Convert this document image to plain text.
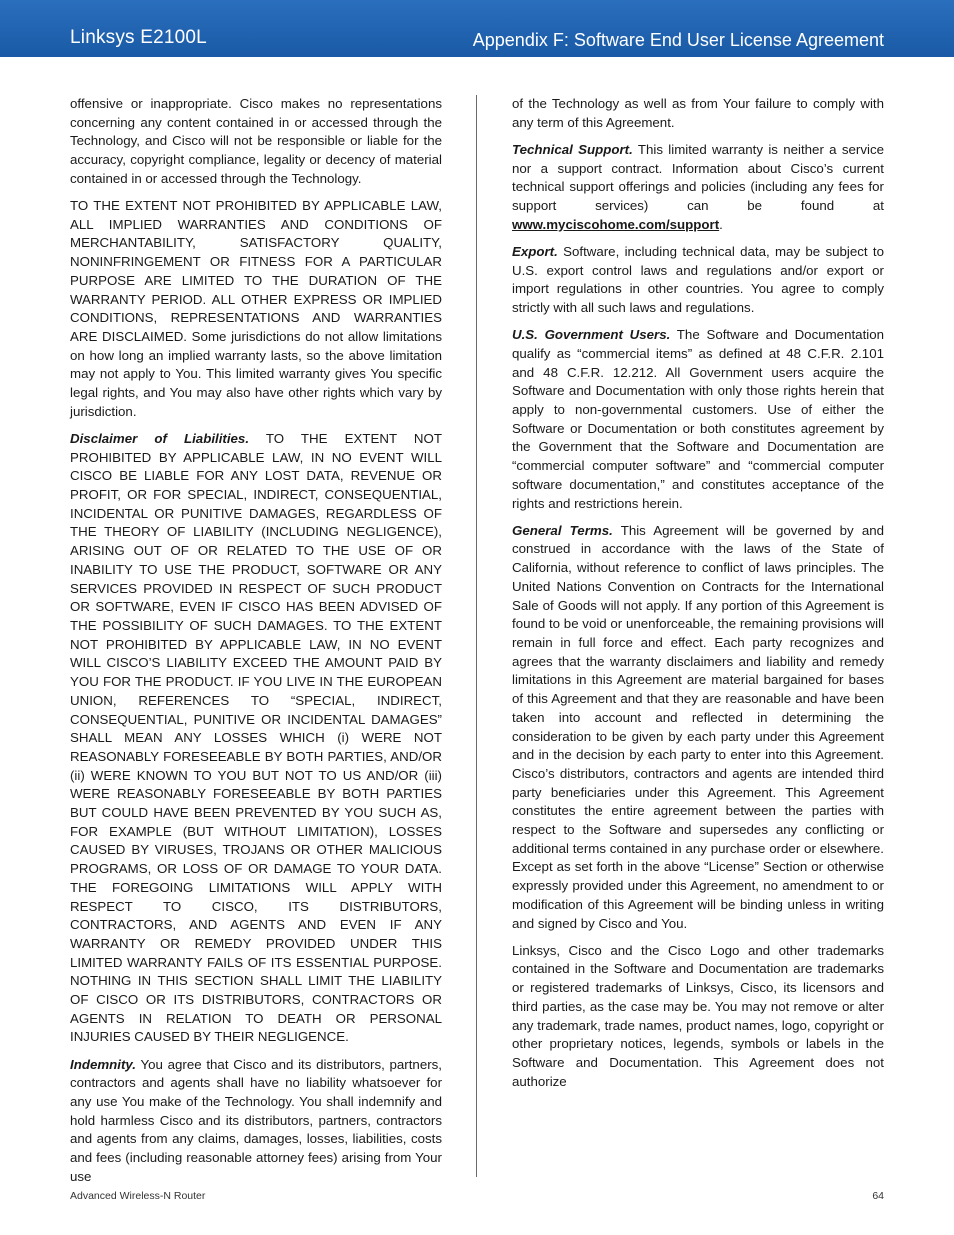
Linksys E2100L	Appendix F: Software End User License Agreement

offensive or inappropriate. Cisco makes no representations concerning any content contained in or accessed through the Technology, and Cisco will not be responsible or liable for the accuracy, copyright compliance, legality or decency of material contained in or accessed through the Technology.

TO THE EXTENT NOT PROHIBITED BY APPLICABLE LAW, ALL IMPLIED WARRANTIES AND CONDITIONS OF MERCHANTABILITY, SATISFACTORY QUALITY, NONINFRINGEMENT OR FITNESS FOR A PARTICULAR PURPOSE ARE LIMITED TO THE DURATION OF THE WARRANTY PERIOD. ALL OTHER EXPRESS OR IMPLIED CONDITIONS, REPRESENTATIONS AND WARRANTIES ARE DISCLAIMED. Some jurisdictions do not allow limitations on how long an implied warranty lasts, so the above limitation may not apply to You. This limited warranty gives You specific legal rights, and You may also have other rights which vary by jurisdiction.

Disclaimer of Liabilities. TO THE EXTENT NOT PROHIBITED BY APPLICABLE LAW, IN NO EVENT WILL CISCO BE LIABLE FOR ANY LOST DATA, REVENUE OR PROFIT, OR FOR SPECIAL, INDIRECT, CONSEQUENTIAL, INCIDENTAL OR PUNITIVE DAMAGES, REGARDLESS OF THE THEORY OF LIABILITY (INCLUDING NEGLIGENCE), ARISING OUT OF OR RELATED TO THE USE OF OR INABILITY TO USE THE PRODUCT, SOFTWARE OR ANY SERVICES PROVIDED IN RESPECT OF SUCH PRODUCT OR SOFTWARE, EVEN IF CISCO HAS BEEN ADVISED OF THE POSSIBILITY OF SUCH DAMAGES. TO THE EXTENT NOT PROHIBITED BY APPLICABLE LAW, IN NO EVENT WILL CISCO’S LIABILITY EXCEED THE AMOUNT PAID BY YOU FOR THE PRODUCT. IF YOU LIVE IN THE EUROPEAN UNION, REFERENCES TO “SPECIAL, INDIRECT, CONSEQUENTIAL, PUNITIVE OR INCIDENTAL DAMAGES” SHALL MEAN ANY LOSSES WHICH (i) WERE NOT REASONABLY FORESEEABLE BY BOTH PARTIES, AND/OR (ii) WERE KNOWN TO YOU BUT NOT TO US AND/OR (iii) WERE REASONABLY FORESEEABLE BY BOTH PARTIES BUT COULD HAVE BEEN PREVENTED BY YOU SUCH AS, FOR EXAMPLE (BUT WITHOUT LIMITATION), LOSSES CAUSED BY VIRUSES, TROJANS OR OTHER MALICIOUS PROGRAMS, OR LOSS OF OR DAMAGE TO YOUR DATA. THE FOREGOING LIMITATIONS WILL APPLY WITH RESPECT TO CISCO, ITS DISTRIBUTORS, CONTRACTORS, AND AGENTS AND EVEN IF ANY WARRANTY OR REMEDY PROVIDED UNDER THIS LIMITED WARRANTY FAILS OF ITS ESSENTIAL PURPOSE. NOTHING IN THIS SECTION SHALL LIMIT THE LIABILITY OF CISCO OR ITS DISTRIBUTORS, CONTRACTORS OR AGENTS IN RELATION TO DEATH OR PERSONAL INJURIES CAUSED BY THEIR NEGLIGENCE.

Indemnity. You agree that Cisco and its distributors, partners, contractors and agents shall have no liability whatsoever for any use You make of the Technology. You shall indemnify and hold harmless Cisco and its distributors, partners, contractors and agents from any claims, damages, losses, liabilities, costs and fees (including reasonable attorney fees) arising from Your use

of the Technology as well as from Your failure to comply with any term of this Agreement.

Technical Support. This limited warranty is neither a service nor a support contract. Information about Cisco’s current technical support offerings and policies (including any fees for support services) can be found at www.myciscohome.com/support.

Export. Software, including technical data, may be subject to U.S. export control laws and regulations and/or export or import regulations in other countries. You agree to comply strictly with all such laws and regulations.

U.S. Government Users. The Software and Documentation qualify as “commercial items” as defined at 48 C.F.R. 2.101 and 48 C.F.R. 12.212. All Government users acquire the Software and Documentation with only those rights herein that apply to non-governmental customers. Use of either the Software or Documentation or both constitutes agreement by the Government that the Software and Documentation are “commercial computer software” and “commercial computer software documentation,” and constitutes acceptance of the rights and restrictions herein.

General Terms. This Agreement will be governed by and construed in accordance with the laws of the State of California, without reference to conflict of laws principles. The United Nations Convention on Contracts for the International Sale of Goods will not apply. If any portion of this Agreement is found to be void or unenforceable, the remaining provisions will remain in full force and effect. Each party recognizes and agrees that the warranty disclaimers and liability and remedy limitations in this Agreement are material bargained for bases of this Agreement and that they are reasonable and have been taken into account and reflected in determining the consideration to be given by each party under this Agreement and in the decision by each party to enter into this Agreement. Cisco’s distributors, contractors and agents are intended third party beneficiaries under this Agreement. This Agreement constitutes the entire agreement between the parties with respect to the Software and supersedes any conflicting or additional terms contained in any purchase order or elsewhere. Except as set forth in the above “License” Section or otherwise expressly provided under this Agreement, no amendment to or modification of this Agreement will be binding unless in writing and signed by Cisco and You.

Linksys, Cisco and the Cisco Logo and other trademarks contained in the Software and Documentation are trademarks or registered trademarks of Linksys, Cisco, its licensors and third parties, as the case may be. You may not remove or alter any trademark, trade names, product names, logo, copyright or other proprietary notices, legends, symbols or labels in the Software and Documentation. This Agreement does not authorize

Advanced Wireless-N Router	64
